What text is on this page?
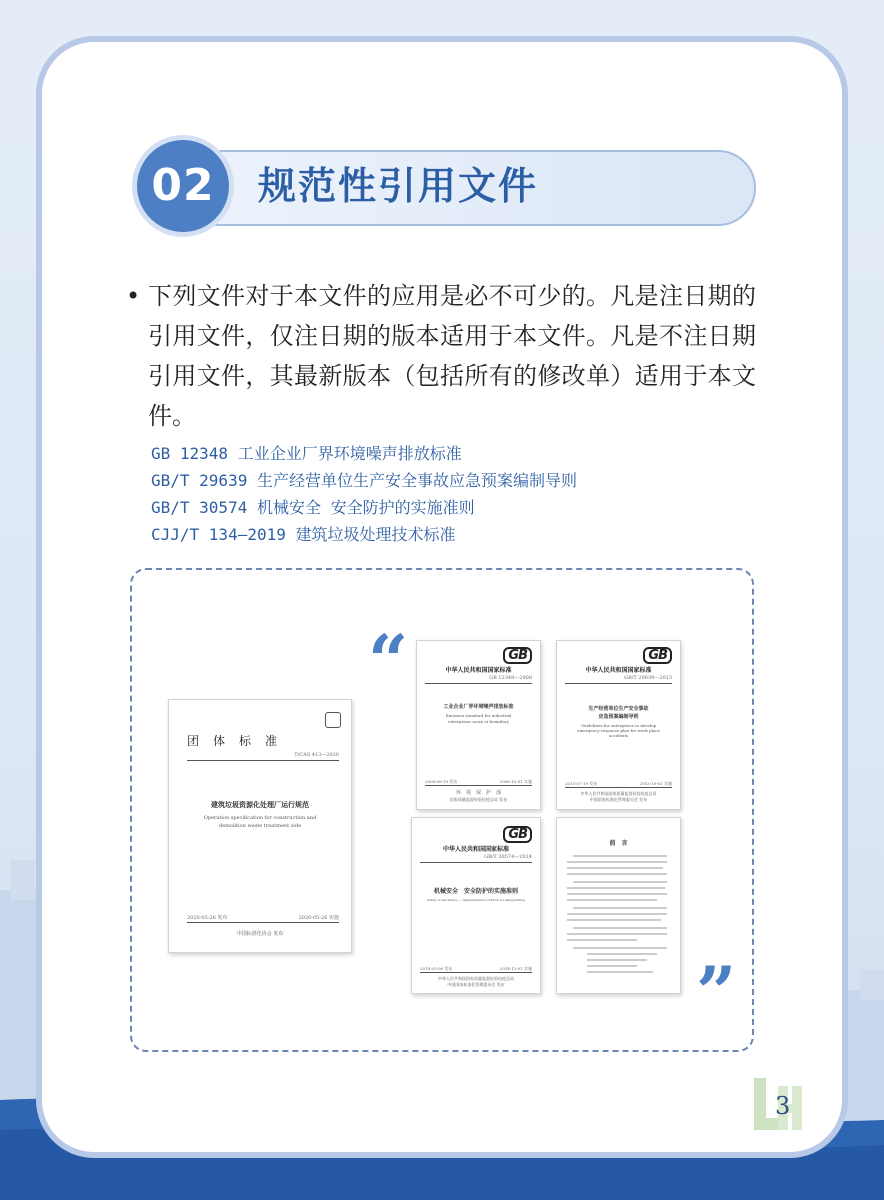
02	规范性引用文件
• 下列文件对于本文件的应用是必不可少的。凡是注日期的引用文件，仅注日期的版本适用于本文件。凡是不注日期引用文件，其最新版本（包括所有的修改单）适用于本文件。
GB 12348 工业企业厂界环境噪声排放标准
GB/T 29639 生产经营单位生产安全事故应急预案编制导则
GB/T 30574 机械安全 安全防护的实施准则
CJJ/T 134—2019 建筑垃圾处理技术标准
“
”
团　体　标　准
T/CAS 413—2020
建筑垃圾资源化处理厂运行规范
Operation specification for construction and demolition waste treatment side
2020-05-26 发布	2020-05-26 实施
中国标准化协会 发布
GB
中华人民共和国国家标准
GB 12348—2008
工业企业厂界环境噪声排放标准
Emission standard for industrial enterprises noise at boundary
2008-08-19 发布	2008-10-01 实施
环　境　保　护　部
国家质量监督检验检疫总局 发布
GB
中华人民共和国国家标准
GB/T 29639—2013
生产经营单位生产安全事故
应急预案编制导则
Guidelines for enterprises to develop emergency response plan for work place accidents
2013-07-19 发布	2013-10-01 实施
中华人民共和国国家质量监督检验检疫总局
中国国家标准化管理委员会 发布
GB
中华人民共和国国家标准
GB/T 30574—2014
机械安全　安全防护的实施准则
Safety of machinery — Implementation criteria for safeguarding
2014-05-06 发布	2014-12-01 实施
中华人民共和国国家质量监督检验检疫总局
中国国家标准化管理委员会 发布
前　言
3
